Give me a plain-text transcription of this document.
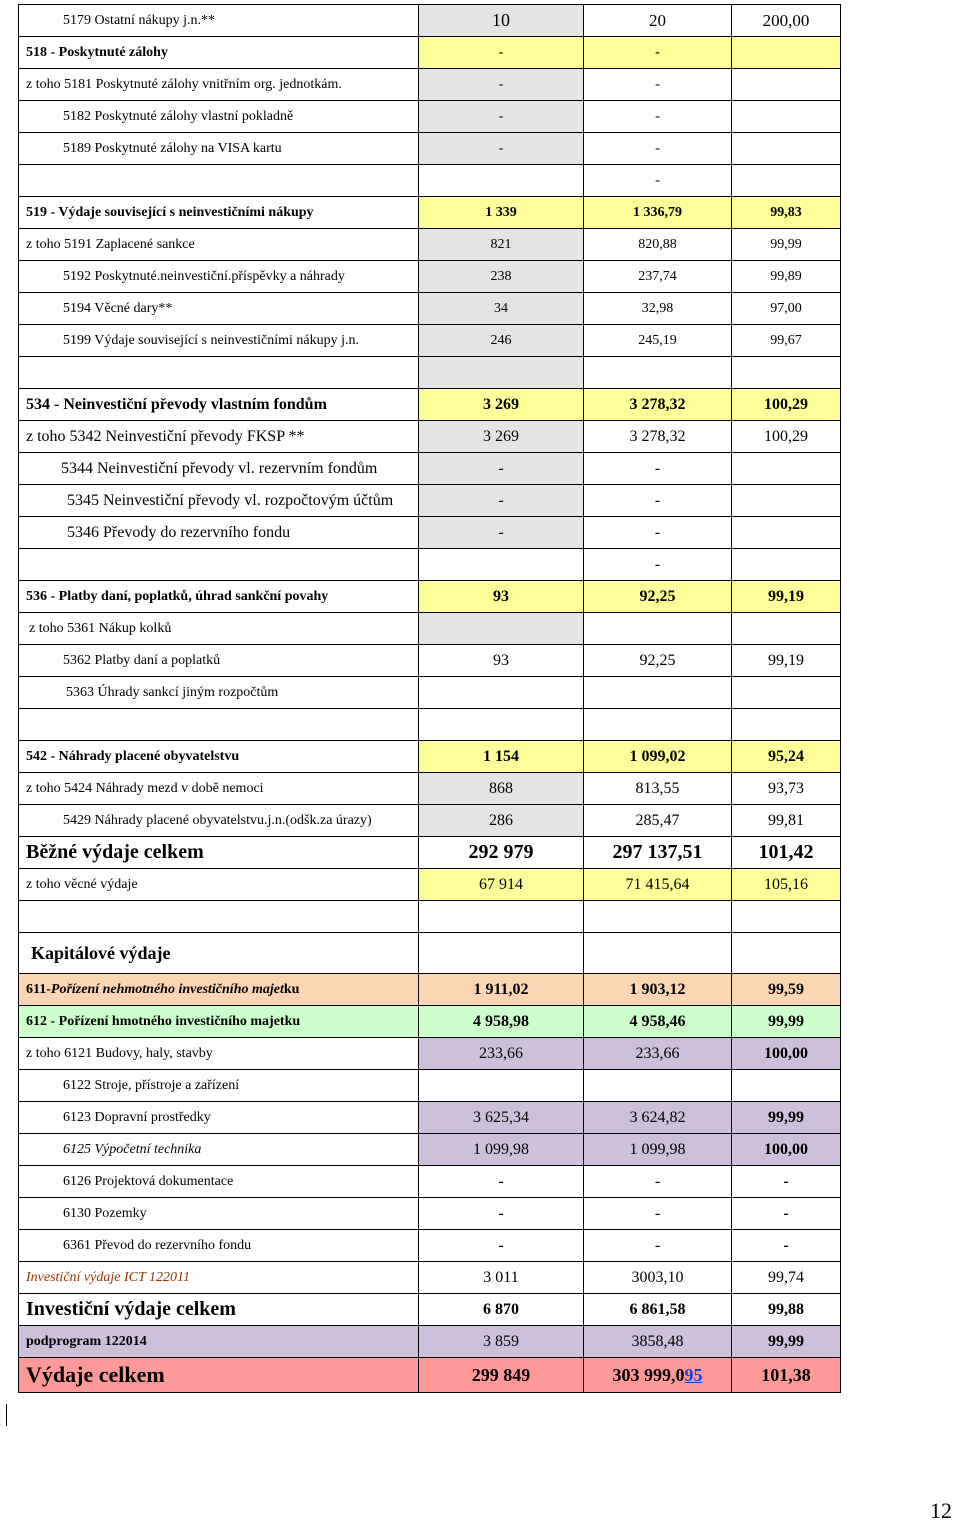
5179 Ostatní nákupy j.n.**	10	20	200,00
518 - Poskytnuté zálohy	-	-	
z toho 5181 Poskytnuté zálohy vnitřním org. jednotkám.	-	-	
5182 Poskytnuté zálohy vlastní pokladně	-	-	
5189 Poskytnuté zálohy na VISA kartu	-	-	
		-	
519 - Výdaje související s neinvestičními nákupy	1 339	1 336,79	99,83
z toho 5191 Zaplacené sankce	821	820,88	99,99
5192 Poskytnuté.neinvestiční.příspěvky a náhrady	238	237,74	99,89
5194 Věcné dary**	34	32,98	97,00
5199 Výdaje související s neinvestičními nákupy j.n.	246	245,19	99,67

534 - Neinvestiční převody vlastním fondům	3 269	3 278,32	100,29
z toho 5342 Neinvestiční převody FKSP **	3 269	3 278,32	100,29
5344 Neinvestiční převody vl. rezervním fondům	-	-	
5345 Neinvestiční převody vl. rozpočtovým účtům	-	-	
5346 Převody do rezervního fondu	-	-	
		-	
536 - Platby daní, poplatků, úhrad sankční povahy	93	92,25	99,19
z toho 5361 Nákup kolků			
5362 Platby daní a poplatků	93	92,25	99,19
5363 Úhrady sankcí jiným rozpočtům			

542 - Náhrady placené obyvatelstvu	1 154	1 099,02	95,24
z toho 5424 Náhrady mezd v době nemoci	868	813,55	93,73
5429 Náhrady placené obyvatelstvu.j.n.(odšk.za úrazy)	286	285,47	99,81
Běžné výdaje celkem	292 979	297 137,51	101,42
z toho věcné výdaje	67 914	71 415,64	105,16

Kapitálové výdaje			
611-Pořízení nehmotného investičního majetku	1 911,02	1 903,12	99,59
612 - Pořízení hmotného investičního majetku	4 958,98	4 958,46	99,99
z toho 6121 Budovy, haly, stavby	233,66	233,66	100,00
6122 Stroje, přístroje a zařízení			
6123 Dopravní prostředky	3 625,34	3 624,82	99,99
6125 Výpočetní technika	1 099,98	1 099,98	100,00
6126 Projektová dokumentace	-	-	-
6130 Pozemky	-	-	-
6361 Převod do rezervního fondu	-	-	-
Investiční výdaje ICT 122011	3 011	3003,10	99,74
Investiční výdaje celkem	6 870	6 861,58	99,88
podprogram 122014	3 859	3858,48	99,99
Výdaje celkem	299 849	303 999,095	101,38
12
